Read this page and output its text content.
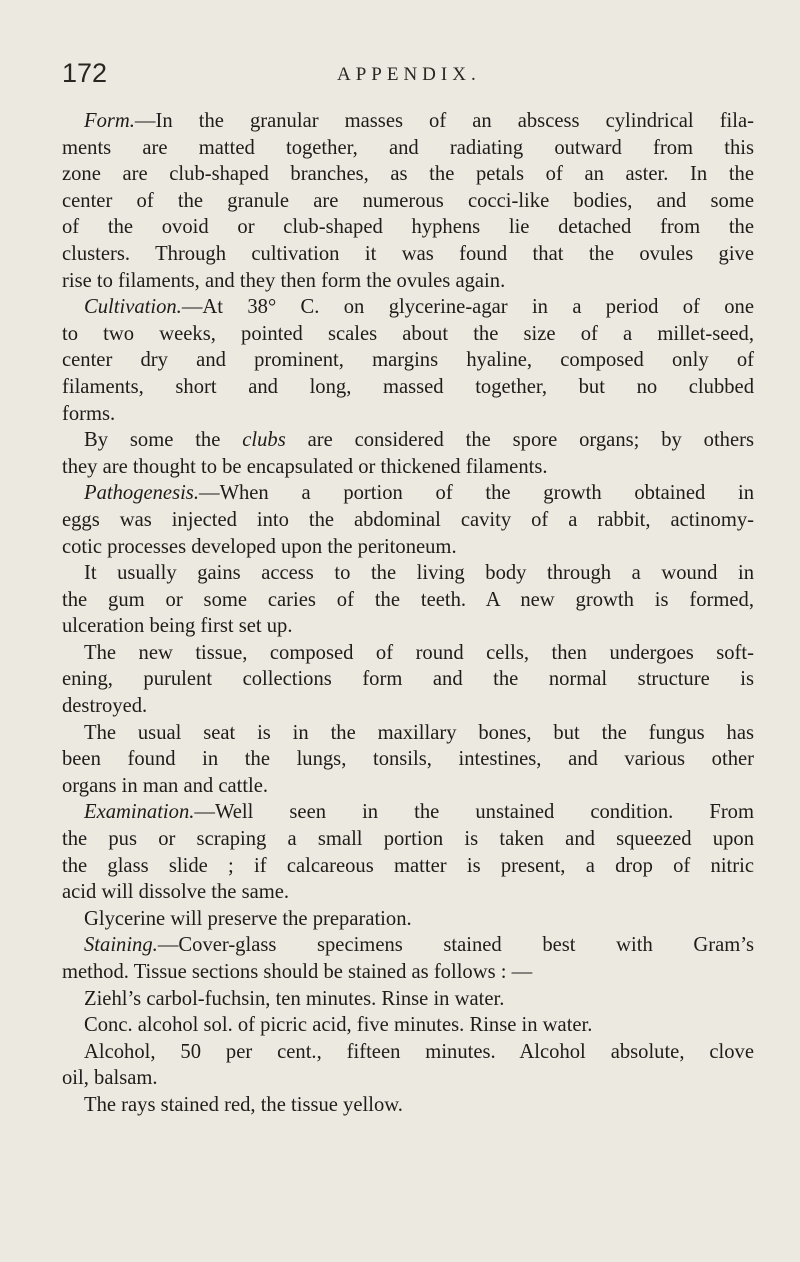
172	APPENDIX.
Form.—In the granular masses of an abscess cylindrical fila-
ments are matted together, and radiating outward from this
zone are club-shaped branches, as the petals of an aster. In the
center of the granule are numerous cocci-like bodies, and some
of the ovoid or club-shaped hyphens lie detached from the
clusters. Through cultivation it was found that the ovules give
rise to filaments, and they then form the ovules again.
Cultivation.—At 38° C. on glycerine-agar in a period of one
to two weeks, pointed scales about the size of a millet-seed,
center dry and prominent, margins hyaline, composed only of
filaments, short and long, massed together, but no clubbed
forms.
By some the clubs are considered the spore organs; by others
they are thought to be encapsulated or thickened filaments.
Pathogenesis.—When a portion of the growth obtained in
eggs was injected into the abdominal cavity of a rabbit, actinomy-
cotic processes developed upon the peritoneum.
It usually gains access to the living body through a wound in
the gum or some caries of the teeth. A new growth is formed,
ulceration being first set up.
The new tissue, composed of round cells, then undergoes soft-
ening, purulent collections form and the normal structure is
destroyed.
The usual seat is in the maxillary bones, but the fungus has
been found in the lungs, tonsils, intestines, and various other
organs in man and cattle.
Examination.—Well seen in the unstained condition. From
the pus or scraping a small portion is taken and squeezed upon
the glass slide ; if calcareous matter is present, a drop of nitric
acid will dissolve the same.
Glycerine will preserve the preparation.
Staining.—Cover-glass specimens stained best with Gram’s
method. Tissue sections should be stained as follows : —
Ziehl’s carbol-fuchsin, ten minutes. Rinse in water.
Conc. alcohol sol. of picric acid, five minutes. Rinse in water.
Alcohol, 50 per cent., fifteen minutes. Alcohol absolute, clove
oil, balsam.
The rays stained red, the tissue yellow.
